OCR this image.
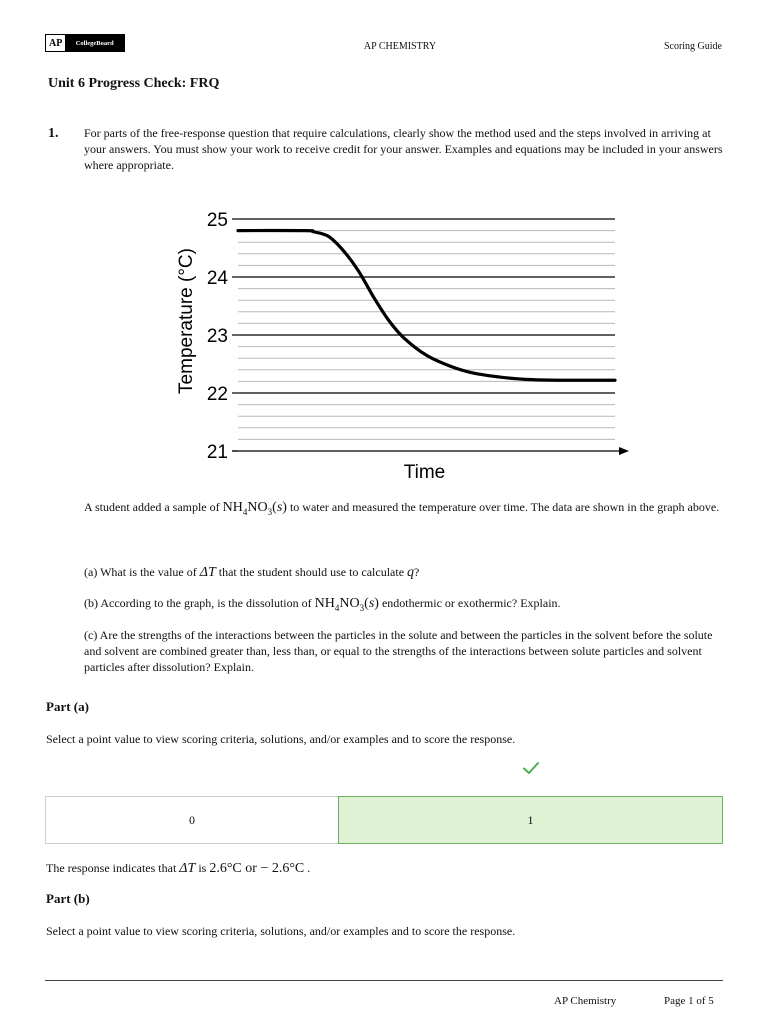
AP	CollegeBoard	AP CHEMISTRY	Scoring Guide
Unit 6 Progress Check: FRQ
1. For parts of the free-response question that require calculations, clearly show the method used and the steps involved in arriving at your answers. You must show your work to receive credit for your answer. Examples and equations may be included in your answers where appropriate.
21
22
23
24
25
Temperature (°C)
Time
A student added a sample of $NH_4NO_3(s)$ to water and measured the temperature over time. The data are shown in the graph above.
(a) What is the value of ΔT that the student should use to calculate q?
(b) According to the graph, is the dissolution of $NH_4NO_3(s)$ endothermic or exothermic? Explain.
(c) Are the strengths of the interactions between the particles in the solute and between the particles in the solvent before the solute and solvent are combined greater than, less than, or equal to the strengths of the interactions between solute particles and solvent particles after dissolution? Explain.
Part (a)
Select a point value to view scoring criteria, solutions, and/or examples and to score the response.
0	1
The response indicates that ΔT is 2.6°C or − 2.6°C .
Part (b)
Select a point value to view scoring criteria, solutions, and/or examples and to score the response.
AP Chemistry	Page 1 of 5
